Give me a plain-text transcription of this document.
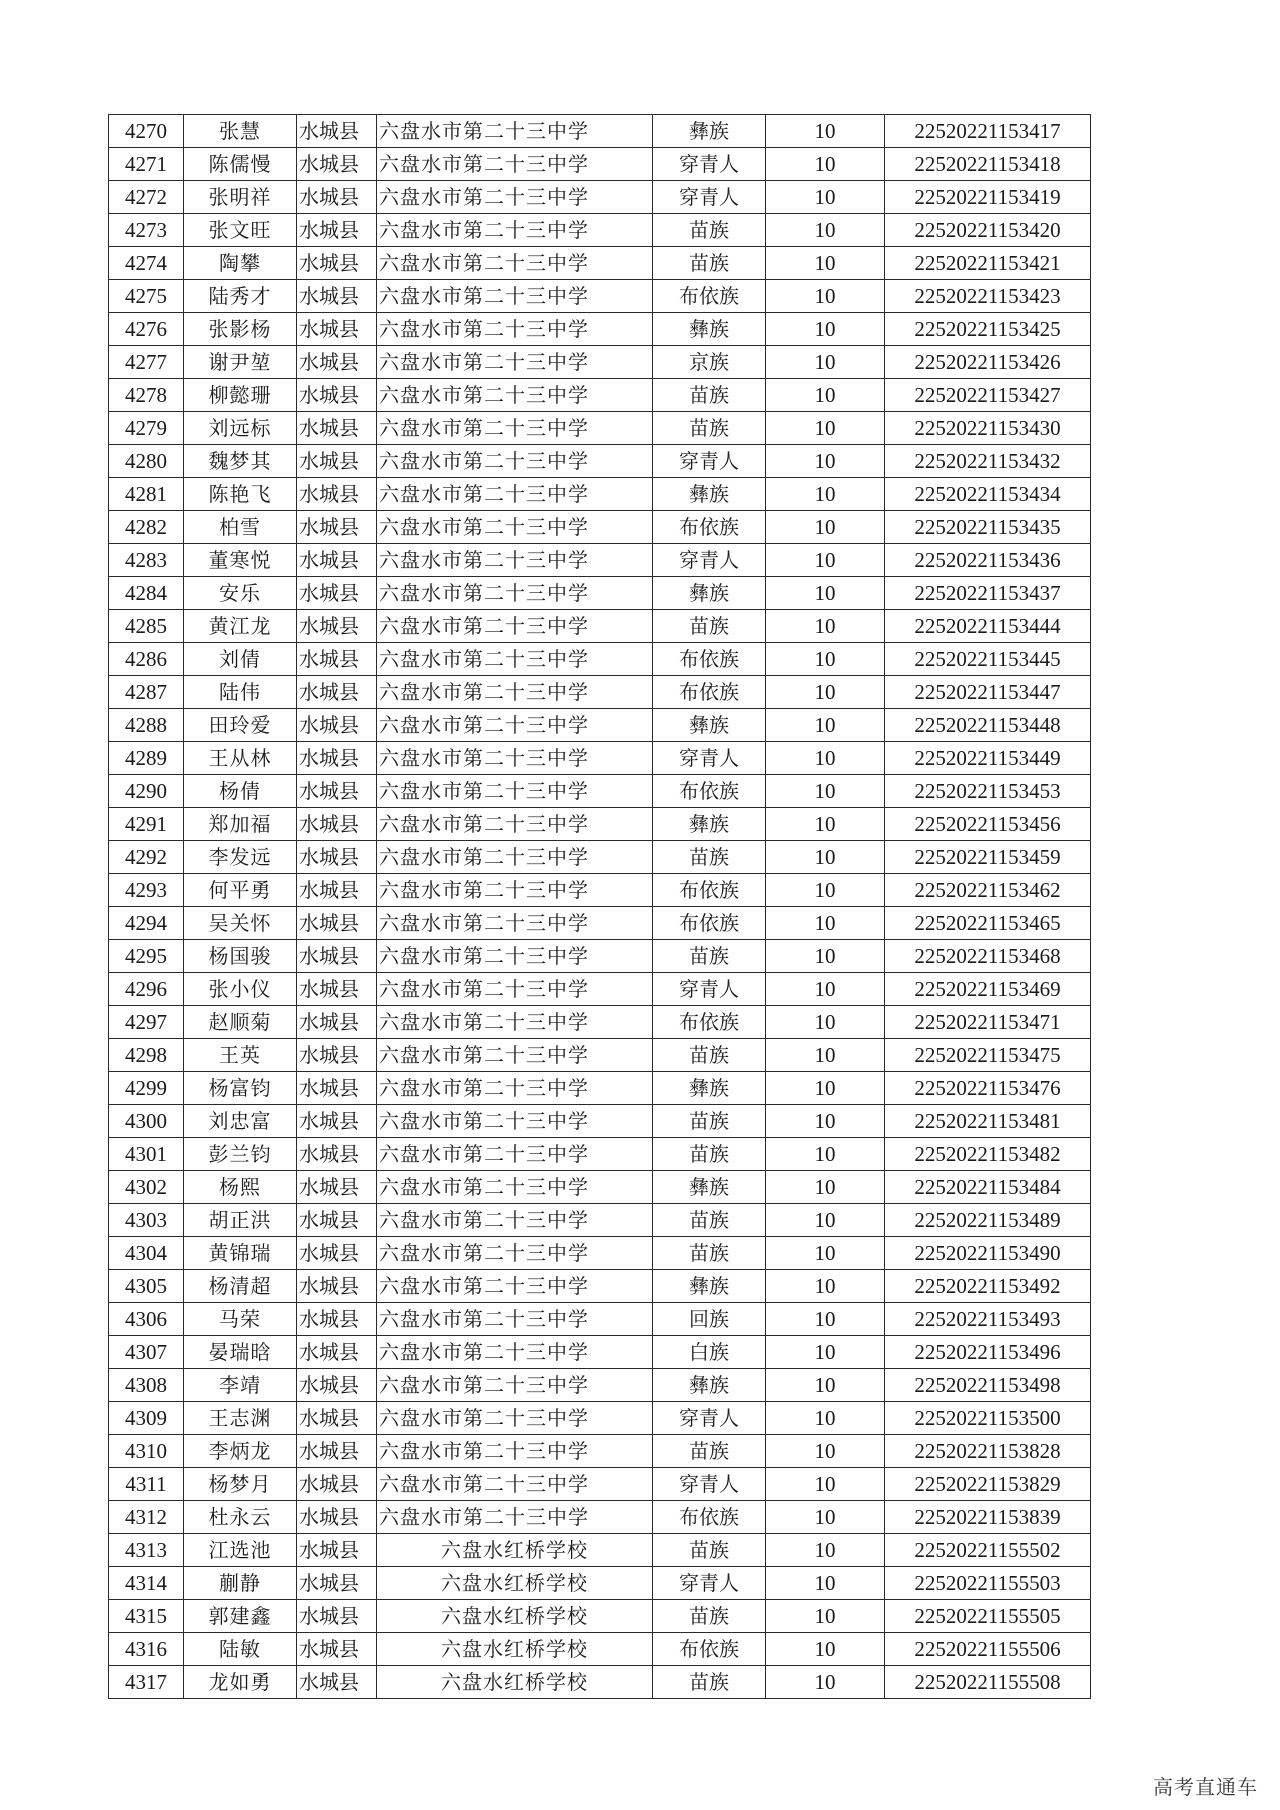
4270	张慧	水城县	六盘水市第二十三中学	彝族	10	22520221153417
4271	陈儒慢	水城县	六盘水市第二十三中学	穿青人	10	22520221153418
4272	张明祥	水城县	六盘水市第二十三中学	穿青人	10	22520221153419
4273	张文旺	水城县	六盘水市第二十三中学	苗族	10	22520221153420
4274	陶攀	水城县	六盘水市第二十三中学	苗族	10	22520221153421
4275	陆秀才	水城县	六盘水市第二十三中学	布依族	10	22520221153423
4276	张影杨	水城县	六盘水市第二十三中学	彝族	10	22520221153425
4277	谢尹堃	水城县	六盘水市第二十三中学	京族	10	22520221153426
4278	柳懿珊	水城县	六盘水市第二十三中学	苗族	10	22520221153427
4279	刘远标	水城县	六盘水市第二十三中学	苗族	10	22520221153430
4280	魏梦其	水城县	六盘水市第二十三中学	穿青人	10	22520221153432
4281	陈艳飞	水城县	六盘水市第二十三中学	彝族	10	22520221153434
4282	柏雪	水城县	六盘水市第二十三中学	布依族	10	22520221153435
4283	董寒悦	水城县	六盘水市第二十三中学	穿青人	10	22520221153436
4284	安乐	水城县	六盘水市第二十三中学	彝族	10	22520221153437
4285	黄江龙	水城县	六盘水市第二十三中学	苗族	10	22520221153444
4286	刘倩	水城县	六盘水市第二十三中学	布依族	10	22520221153445
4287	陆伟	水城县	六盘水市第二十三中学	布依族	10	22520221153447
4288	田玲爱	水城县	六盘水市第二十三中学	彝族	10	22520221153448
4289	王从林	水城县	六盘水市第二十三中学	穿青人	10	22520221153449
4290	杨倩	水城县	六盘水市第二十三中学	布依族	10	22520221153453
4291	郑加福	水城县	六盘水市第二十三中学	彝族	10	22520221153456
4292	李发远	水城县	六盘水市第二十三中学	苗族	10	22520221153459
4293	何平勇	水城县	六盘水市第二十三中学	布依族	10	22520221153462
4294	吴关怀	水城县	六盘水市第二十三中学	布依族	10	22520221153465
4295	杨国骏	水城县	六盘水市第二十三中学	苗族	10	22520221153468
4296	张小仪	水城县	六盘水市第二十三中学	穿青人	10	22520221153469
4297	赵顺菊	水城县	六盘水市第二十三中学	布依族	10	22520221153471
4298	王英	水城县	六盘水市第二十三中学	苗族	10	22520221153475
4299	杨富钧	水城县	六盘水市第二十三中学	彝族	10	22520221153476
4300	刘忠富	水城县	六盘水市第二十三中学	苗族	10	22520221153481
4301	彭兰钧	水城县	六盘水市第二十三中学	苗族	10	22520221153482
4302	杨熙	水城县	六盘水市第二十三中学	彝族	10	22520221153484
4303	胡正洪	水城县	六盘水市第二十三中学	苗族	10	22520221153489
4304	黄锦瑞	水城县	六盘水市第二十三中学	苗族	10	22520221153490
4305	杨清超	水城县	六盘水市第二十三中学	彝族	10	22520221153492
4306	马荣	水城县	六盘水市第二十三中学	回族	10	22520221153493
4307	晏瑞晗	水城县	六盘水市第二十三中学	白族	10	22520221153496
4308	李靖	水城县	六盘水市第二十三中学	彝族	10	22520221153498
4309	王志渊	水城县	六盘水市第二十三中学	穿青人	10	22520221153500
4310	李炳龙	水城县	六盘水市第二十三中学	苗族	10	22520221153828
4311	杨梦月	水城县	六盘水市第二十三中学	穿青人	10	22520221153829
4312	杜永云	水城县	六盘水市第二十三中学	布依族	10	22520221153839
4313	江选池	水城县	六盘水红桥学校	苗族	10	22520221155502
4314	蒯静	水城县	六盘水红桥学校	穿青人	10	22520221155503
4315	郭建鑫	水城县	六盘水红桥学校	苗族	10	22520221155505
4316	陆敏	水城县	六盘水红桥学校	布依族	10	22520221155506
4317	龙如勇	水城县	六盘水红桥学校	苗族	10	22520221155508
高考直通车
